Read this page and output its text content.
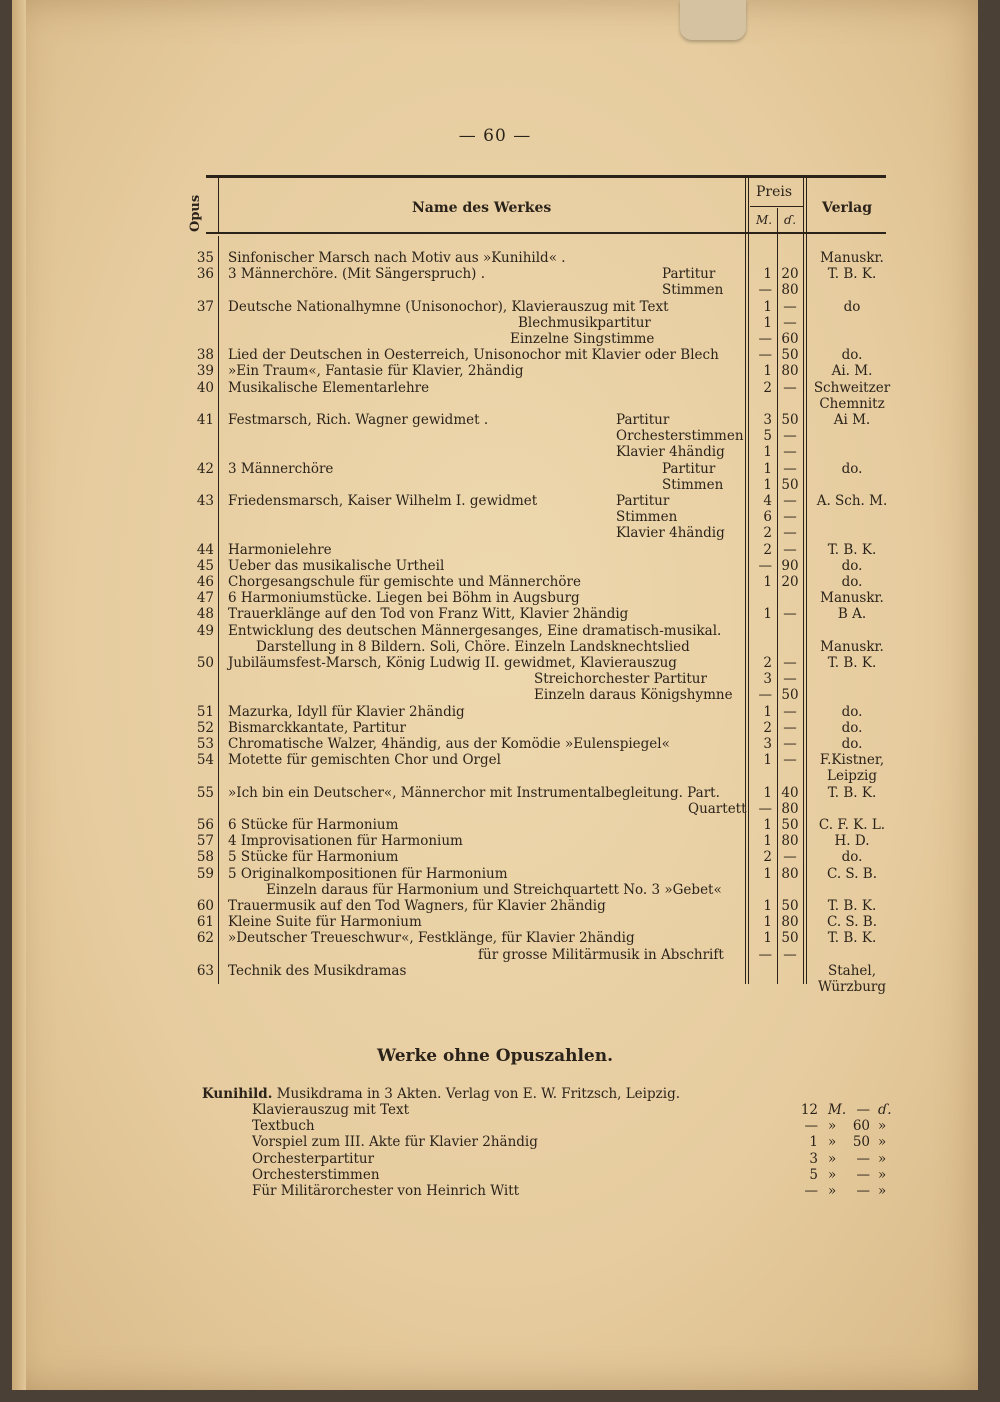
— 60 —
Opus	Name des Werkes
Preis
M. ɗ.
Verlag
35 Sinfonischer Marsch nach Motiv aus »Kunihild« .	Manuskr.
36 3 Männerchöre. (Mit Sängerspruch) .	Partitur	1 20	T. B. K.
Stimmen	— 80
37 Deutsche Nationalhymne (Unisonochor), Klavierauszug mit Text	1 —	do
Blechmusikpartitur	1 —
Einzelne Singstimme	— 60
38 Lied der Deutschen in Oesterreich, Unisonochor mit Klavier oder Blech	— 50	do.
39 »Ein Traum«, Fantasie für Klavier, 2händig	1 80	Ai. M.
40 Musikalische Elementarlehre	2 —	Schweitzer
Chemnitz
41 Festmarsch, Rich. Wagner gewidmet .	Partitur	3 50	Ai M.
Orchesterstimmen	5 —
Klavier 4händig	1 —
42 3 Männerchöre	Partitur	1 —	do.
Stimmen	1 50
43 Friedensmarsch, Kaiser Wilhelm I. gewidmet	Partitur	4 —	A. Sch. M.
Stimmen	6 —
Klavier 4händig	2 —
44 Harmonielehre	2 —	T. B. K.
45 Ueber das musikalische Urtheil	— 90	do.
46 Chorgesangschule für gemischte und Männerchöre	1 20	do.
47 6 Harmoniumstücke. Liegen bei Böhm in Augsburg	Manuskr.
48 Trauerklänge auf den Tod von Franz Witt, Klavier 2händig	1 —	B A.
49 Entwicklung des deutschen Männergesanges, Eine dramatisch-musikal.
Darstellung in 8 Bildern. Soli, Chöre. Einzeln Landsknechtslied	Manuskr.
50 Jubiläumsfest-Marsch, König Ludwig II. gewidmet, Klavierauszug	2 —	T. B. K.
Streichorchester Partitur	3 —
Einzeln daraus Königshymne	— 50
51 Mazurka, Idyll für Klavier 2händig	1 —	do.
52 Bismarckkantate, Partitur	2 —	do.
53 Chromatische Walzer, 4händig, aus der Komödie »Eulenspiegel«	3 —	do.
54 Motette für gemischten Chor und Orgel	1 —	F.Kistner,
Leipzig
55 »Ich bin ein Deutscher«, Männerchor mit Instrumentalbegleitung. Part.	1 40	T. B. K.
Quartett — 80
56 6 Stücke für Harmonium	1 50	C. F. K. L.
57 4 Improvisationen für Harmonium	1 80	H. D.
58 5 Stücke für Harmonium	2 —	do.
59 5 Originalkompositionen für Harmonium	1 80	C. S. B.
Einzeln daraus für Harmonium und Streichquartett No. 3 »Gebet«
60 Trauermusik auf den Tod Wagners, für Klavier 2händig	1 50	T. B. K.
61 Kleine Suite für Harmonium	1 80	C. S. B.
62 »Deutscher Treueschwur«, Festklänge, für Klavier 2händig	1 50	T. B. K.
für grosse Militärmusik in Abschrift	— —
63 Technik des Musikdramas	Stahel,
Würzburg
Werke ohne Opuszahlen.
Kunihild. Musikdrama in 3 Akten. Verlag von E. W. Fritzsch, Leipzig.
Klavierauszug mit Text	12 M. — ɗ.
Textbuch	— » 60 »
Vorspiel zum III. Akte für Klavier 2händig	1 » 50 »
Orchesterpartitur	3 »	— »
Orchesterstimmen	5 »	— »
Für Militärorchester von Heinrich Witt	— »	— »
